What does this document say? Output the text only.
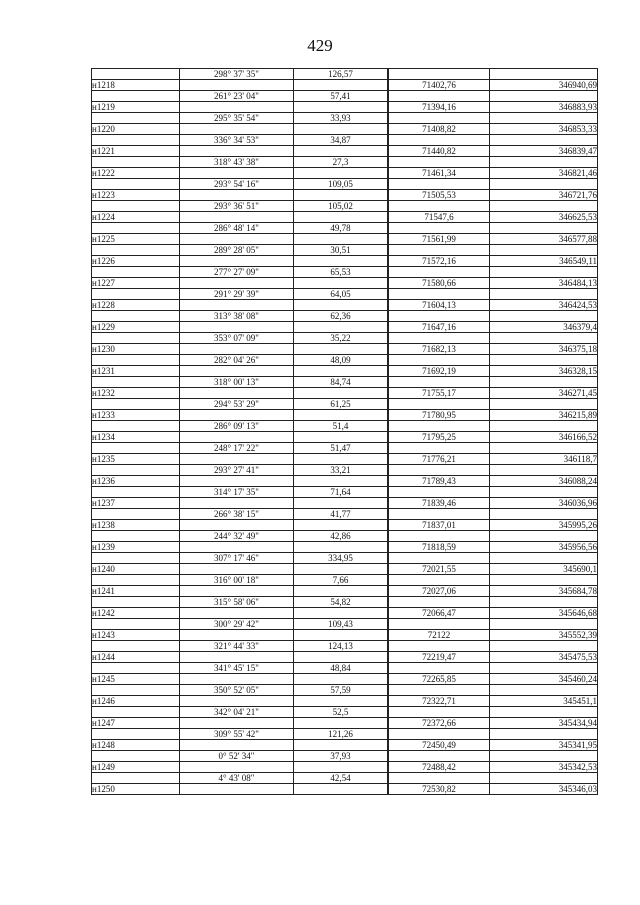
429
	298° 37' 35"	126,57			
н1218				71402,76	346940,69
	261° 23' 04"	57,41			
н1219				71394,16	346883,93
	295° 35' 54"	33,93			
н1220				71408,82	346853,33
	336° 34' 53"	34,87			
н1221				71440,82	346839,47
	318° 43' 38"	27,3			
н1222				71461,34	346821,46
	293° 54' 16"	109,05			
н1223				71505,53	346721,76
	293° 36' 51"	105,02			
н1224				71547,6	346625,53
	286° 48' 14"	49,78			
н1225				71561,99	346577,88
	289° 28' 05"	30,51			
н1226				71572,16	346549,11
	277° 27' 09"	65,53			
н1227				71580,66	346484,13
	291° 29' 39"	64,05			
н1228				71604,13	346424,53
	313° 38' 08"	62,36			
н1229				71647,16	346379,4
	353° 07' 09"	35,22			
н1230				71682,13	346375,18
	282° 04' 26"	48,09			
н1231				71692,19	346328,15
	318° 00' 13"	84,74			
н1232				71755,17	346271,45
	294° 53' 29"	61,25			
н1233				71780,95	346215,89
	286° 09' 13"	51,4			
н1234				71795,25	346166,52
	248° 17' 22"	51,47			
н1235				71776,21	346118,7
	293° 27' 41"	33,21			
н1236				71789,43	346088,24
	314° 17' 35"	71,64			
н1237				71839,46	346036,96
	266° 38' 15"	41,77			
н1238				71837,01	345995,26
	244° 32' 49"	42,86			
н1239				71818,59	345956,56
	307° 17' 46"	334,95			
н1240				72021,55	345690,1
	316° 00' 18"	7,66			
н1241				72027,06	345684,78
	315° 58' 06"	54,82			
н1242				72066,47	345646,68
	300° 29' 42"	109,43			
н1243				72122	345552,39
	321° 44' 33"	124,13			
н1244				72219,47	345475,53
	341° 45' 15"	48,84			
н1245				72265,85	345460,24
	350° 52' 05"	57,59			
н1246				72322,71	345451,1
	342° 04' 21"	52,5			
н1247				72372,66	345434,94
	309° 55' 42"	121,26			
н1248				72450,49	345341,95
	0° 52' 34"	37,93			
н1249				72488,42	345342,53
	4° 43' 08"	42,54			
н1250				72530,82	345346,03
